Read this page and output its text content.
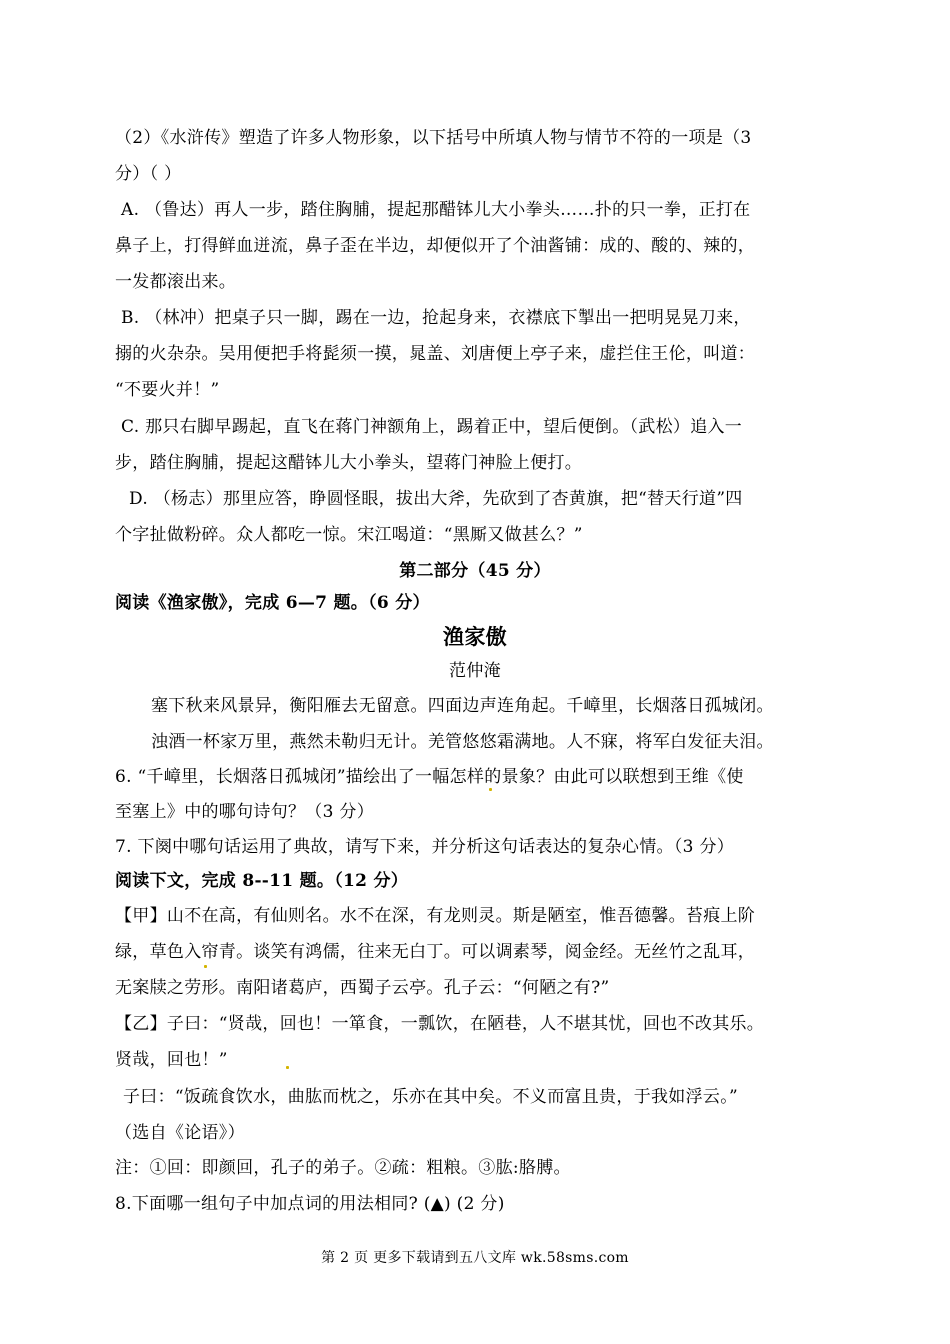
（2）《水浒传》塑造了许多人物形象，以下括号中所填人物与情节不符的一项是（3
分）（ ）
A. （鲁达）再人一步，踏住胸脯，提起那醋钵儿大小拳头……扑的只一拳，正打在
鼻子上，打得鲜血迸流，鼻子歪在半边，却便似开了个油酱铺：成的、酸的、辣的，
一发都滚出来。
B. （林冲）把桌子只一脚，踢在一边，抢起身来，衣襟底下掣出一把明晃晃刀来，
搦的火杂杂。吴用便把手将髭须一摸，晁盖、刘唐便上亭子来，虚拦住王伦，叫道：
“不要火并！”
C. 那只右脚早踢起，直飞在蒋门神额角上，踢着正中，望后便倒。（武松）追入一
步，踏住胸脯，提起这醋钵儿大小拳头，望蒋门神脸上便打。
D. （杨志）那里应答，睁圆怪眼，拔出大斧，先砍到了杏黄旗，把“替天行道”四
个字扯做粉碎。众人都吃一惊。宋江喝道：“黑厮又做甚么？”
第二部分（45 分）
阅读《渔家傲》，完成 6—7 题。（6 分）
渔家傲
范仲淹
塞下秋来风景异，衡阳雁去无留意。四面边声连角起。千嶂里，长烟落日孤城闭。
浊酒一杯家万里，燕然未勒归无计。羌管悠悠霜满地。人不寐，将军白发征夫泪。
6. “千嶂里，长烟落日孤城闭”描绘出了一幅怎样的景象？由此可以联想到王维《使
至塞上》中的哪句诗句？（3 分）
7. 下阕中哪句话运用了典故，请写下来，并分析这句话表达的复杂心情。（3 分）
阅读下文，完成 8--11 题。（12 分）
【甲】山不在高，有仙则名。水不在深，有龙则灵。斯是陋室，惟吾德馨。苔痕上阶
绿，草色入帘青。谈笑有鸿儒，往来无白丁。可以调素琴，阅金经。无丝竹之乱耳，
无案牍之劳形。南阳诸葛庐，西蜀子云亭。孔子云：“何陋之有?”
【乙】子曰：“贤哉，回也！一箪食，一瓢饮，在陋巷，人不堪其忧，回也不改其乐。
贤哉，回也！”
子曰：“饭疏食饮水，曲肱而枕之，乐亦在其中矣。不义而富且贵，于我如浮云。”
（选自《论语》）
注：①回：即颜回，孔子的弟子。②疏：粗粮。③肱:胳膊。
8.下面哪一组句子中加点词的用法相同? (▲) (2 分)
第 2 页 更多下载请到五八文库 wk.58sms.com
